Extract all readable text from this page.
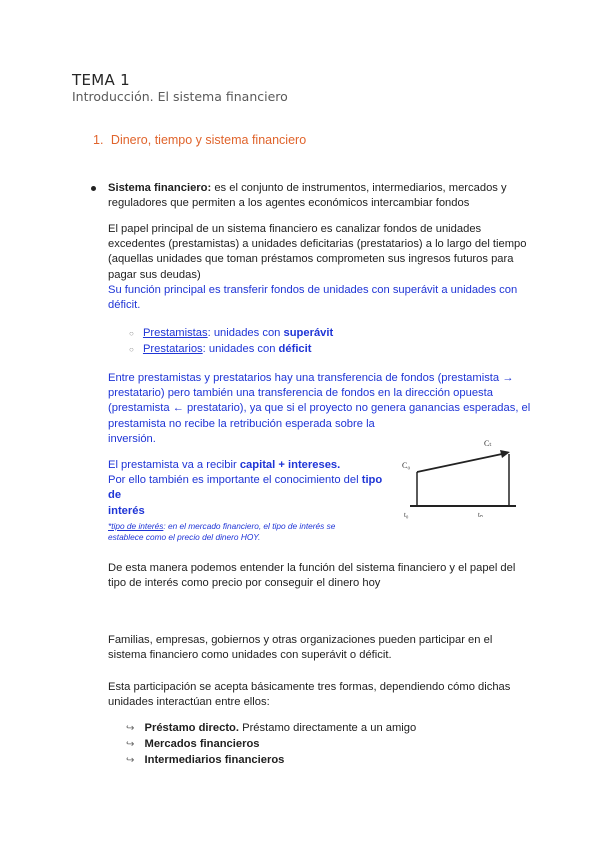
TEMA 1
Introducción. El sistema financiero
1. Dinero, tiempo y sistema financiero

Sistema financiero: es el conjunto de instrumentos, intermediarios, mercados y

reguladores que permiten a los agentes económicos intercambiar fondos

El papel principal de un sistema financiero es canalizar fondos de unidades

excedentes (prestamistas) a unidades deficitarias (prestatarios) a lo largo del tiempo

(aquellas unidades que toman préstamos comprometen sus ingresos futuros para

pagar sus deudas)

Su función principal es transferir fondos de unidades con superávit a unidades con

déficit.

○ Prestamistas: unidades con superávit

○ Prestatarios: unidades con déficit

Entre prestamistas y prestatarios hay una transferencia de fondos (prestamista →

prestatario) pero también una transferencia de fondos en la dirección opuesta

(prestamista ← prestatario), ya que si el proyecto no genera ganancias esperadas, el

prestamista no recibe la retribución esperada sobre la

inversión.

El prestamista va a recibir capital + intereses.

Por ello también es importante el conocimiento del tipo de

interés

*tipo de interés: en el mercado financiero, el tipo de interés se

establece como el precio del dinero HOY.

C₀
Cₜ
t₀	tₙ

De esta manera podemos entender la función del sistema financiero y el papel del

tipo de interés como precio por conseguir el dinero hoy

Familias, empresas, gobiernos y otras organizaciones pueden participar en el

sistema financiero como unidades con superávit o déficit.

Esta participación se acepta básicamente tres formas, dependiendo cómo dichas

unidades interactúan entre ellos:

↪ Préstamo directo. Préstamo directamente a un amigo

↪ Mercados financieros

↪ Intermediarios financieros
